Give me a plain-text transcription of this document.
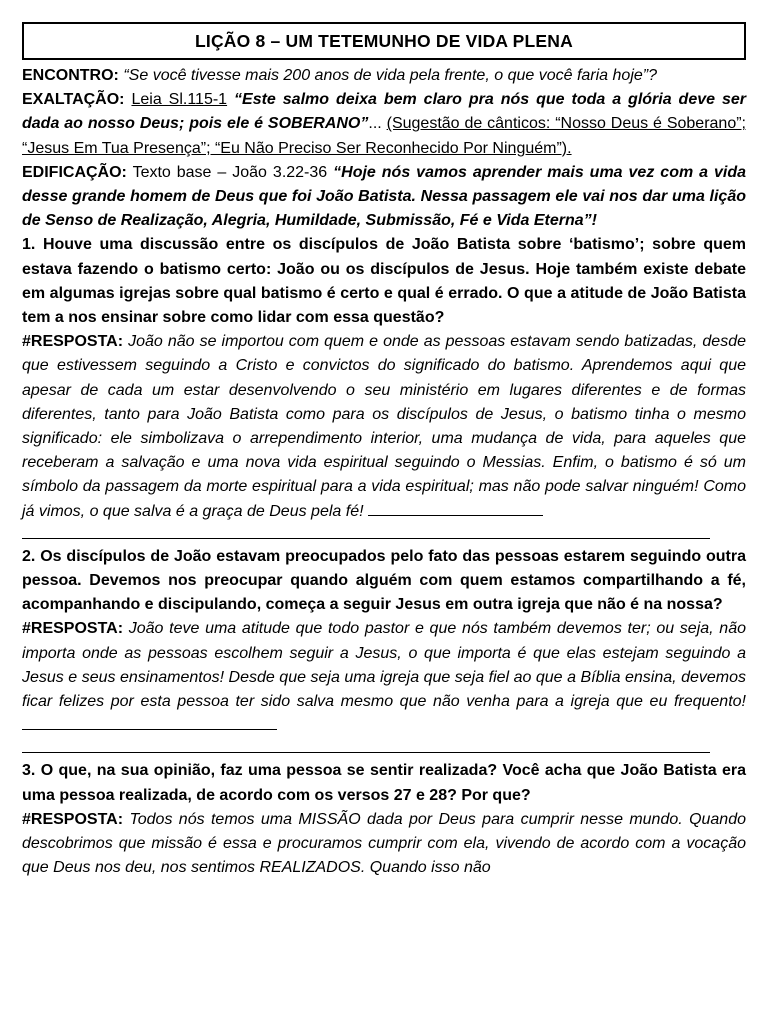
LIÇÃO 8 – UM TETEMUNHO DE VIDA PLENA

ENCONTRO: “Se você tivesse mais 200 anos de vida pela frente, o que você faria hoje”?

EXALTAÇÃO: Leia Sl.115-1 “Este salmo deixa bem claro pra nós que toda a glória deve ser dada ao nosso Deus; pois ele é SOBERANO”... (Sugestão de cânticos: “Nosso Deus é Soberano”; “Jesus Em Tua Presença”; “Eu Não Preciso Ser Reconhecido Por Ninguém”).

EDIFICAÇÃO: Texto base – João 3.22-36 “Hoje nós vamos aprender mais uma vez com a vida desse grande homem de Deus que foi João Batista. Nessa passagem ele vai nos dar uma lição de Senso de Realização, Alegria, Humildade, Submissão, Fé e Vida Eterna”!

1. Houve uma discussão entre os discípulos de João Batista sobre ‘batismo’; sobre quem estava fazendo o batismo certo: João ou os discípulos de Jesus. Hoje também existe debate em algumas igrejas sobre qual batismo é certo e qual é errado. O que a atitude de João Batista tem a nos ensinar sobre como lidar com essa questão?

#RESPOSTA: João não se importou com quem e onde as pessoas estavam sendo batizadas, desde que estivessem seguindo a Cristo e convictos do significado do batismo. Aprendemos aqui que apesar de cada um estar desenvolvendo o seu ministério em lugares diferentes e de formas diferentes, tanto para João Batista como para os discípulos de Jesus, o batismo tinha o mesmo significado: ele simbolizava o arrependimento interior, uma mudança de vida, para aqueles que receberam a salvação e uma nova vida espiritual seguindo o Messias. Enfim, o batismo é só um símbolo da passagem da morte espiritual para a vida espiritual; mas não pode salvar ninguém! Como já vimos, o que salva é a graça de Deus pela fé!

2. Os discípulos de João estavam preocupados pelo fato das pessoas estarem seguindo outra pessoa. Devemos nos preocupar quando alguém com quem estamos compartilhando a fé, acompanhando e discipulando, começa a seguir Jesus em outra igreja que não é na nossa?

#RESPOSTA: João teve uma atitude que todo pastor e que nós também devemos ter; ou seja, não importa onde as pessoas escolhem seguir a Jesus, o que importa é que elas estejam seguindo a Jesus e seus ensinamentos! Desde que seja uma igreja que seja fiel ao que a Bíblia ensina, devemos ficar felizes por esta pessoa ter sido salva mesmo que não venha para a igreja que eu frequento!

3. O que, na sua opinião, faz uma pessoa se sentir realizada? Você acha que João Batista era uma pessoa realizada, de acordo com os versos 27 e 28? Por que?

#RESPOSTA: Todos nós temos uma MISSÃO dada por Deus para cumprir nesse mundo. Quando descobrimos que missão é essa e procuramos cumprir com ela, vivendo de acordo com a vocação que Deus nos deu, nos sentimos REALIZADOS. Quando isso não
